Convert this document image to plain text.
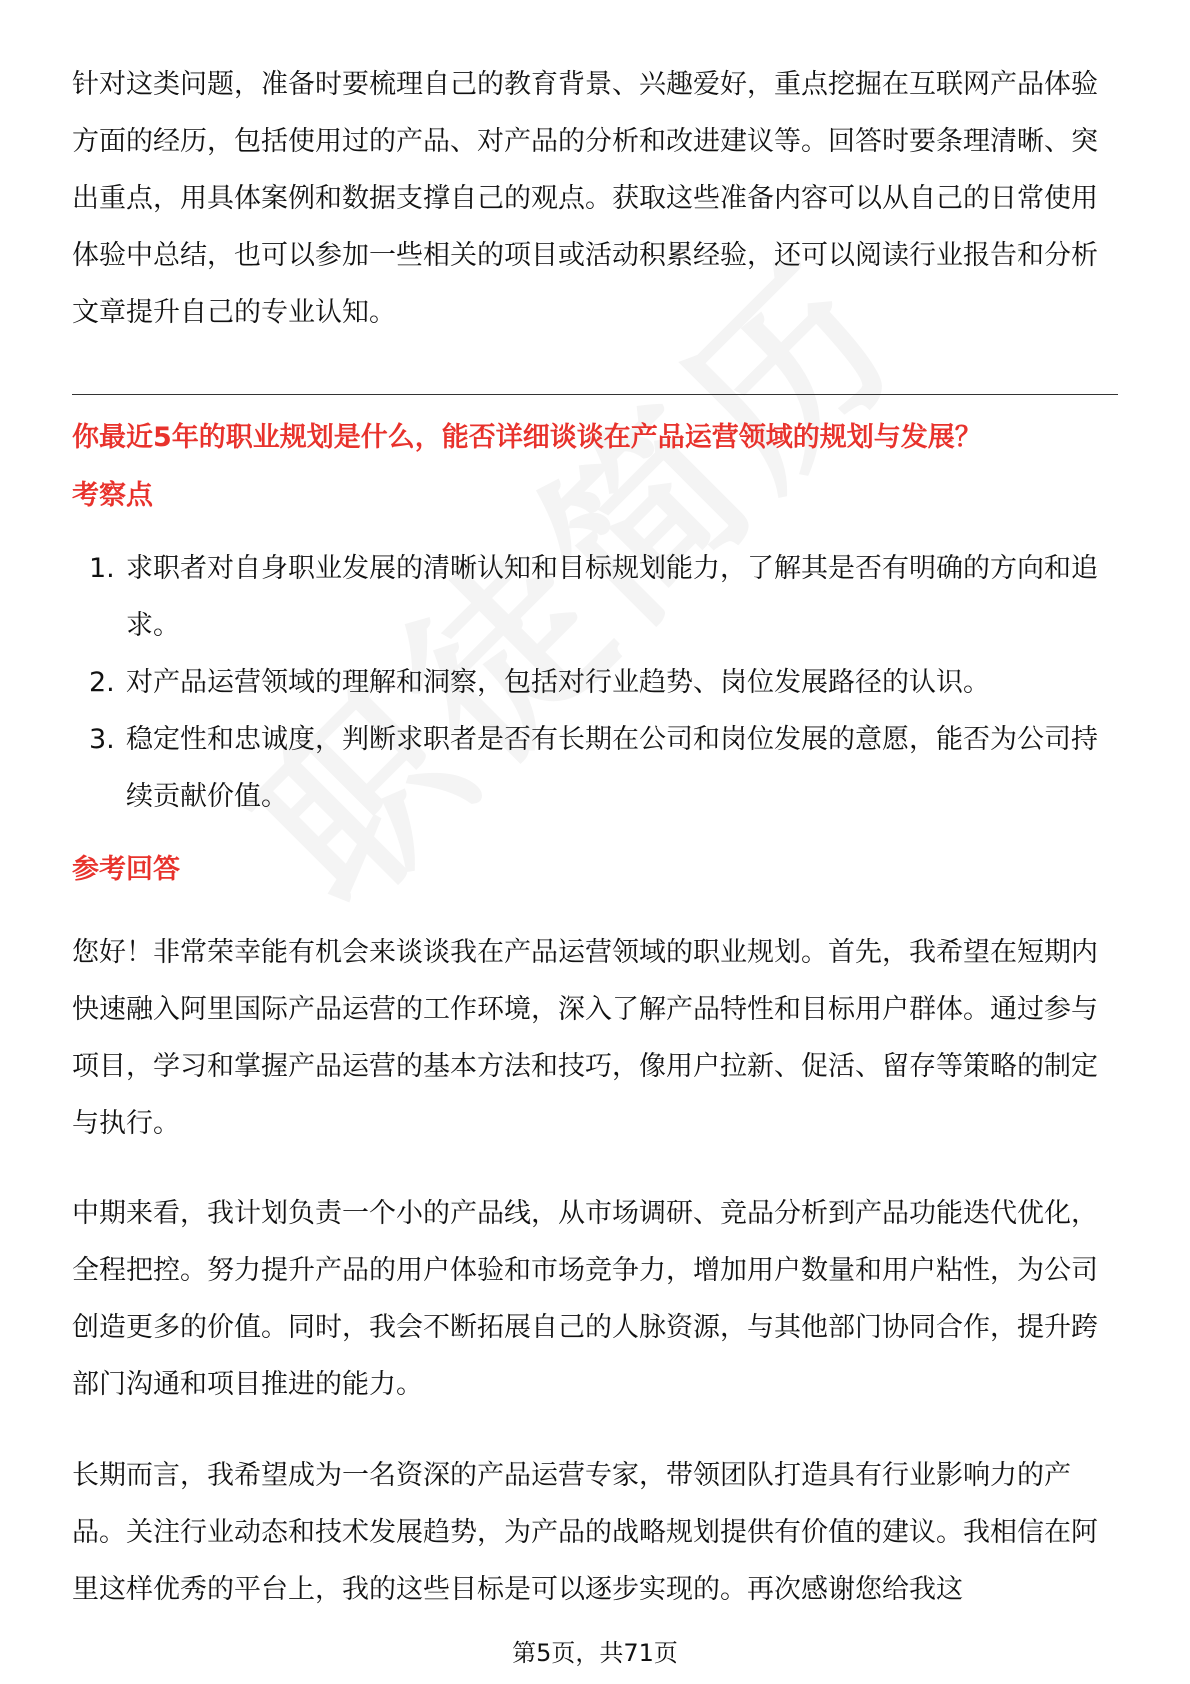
针对这类问题，准备时要梳理自己的教育背景、兴趣爱好，重点挖掘在互联网产品体验方面的经历，包括使用过的产品、对产品的分析和改进建议等。回答时要条理清晰、突出重点，用具体案例和数据支撑自己的观点。获取这些准备内容可以从自己的日常使用体验中总结，也可以参加一些相关的项目或活动积累经验，还可以阅读行业报告和分析文章提升自己的专业认知。

你最近5年的职业规划是什么，能否详细谈谈在产品运营领域的规划与发展？
考察点
1. 求职者对自身职业发展的清晰认知和目标规划能力，了解其是否有明确的方向和追求。
2. 对产品运营领域的理解和洞察，包括对行业趋势、岗位发展路径的认识。
3. 稳定性和忠诚度，判断求职者是否有长期在公司和岗位发展的意愿，能否为公司持续贡献价值。
参考回答

您好！非常荣幸能有机会来谈谈我在产品运营领域的职业规划。首先，我希望在短期内快速融入阿里国际产品运营的工作环境，深入了解产品特性和目标用户群体。通过参与项目，学习和掌握产品运营的基本方法和技巧，像用户拉新、促活、留存等策略的制定与执行。

中期来看，我计划负责一个小的产品线，从市场调研、竞品分析到产品功能迭代优化，全程把控。努力提升产品的用户体验和市场竞争力，增加用户数量和用户粘性，为公司创造更多的价值。同时，我会不断拓展自己的人脉资源，与其他部门协同合作，提升跨部门沟通和项目推进的能力。

长期而言，我希望成为一名资深的产品运营专家，带领团队打造具有行业影响力的产品。关注行业动态和技术发展趋势，为产品的战略规划提供有价值的建议。我相信在阿里这样优秀的平台上，我的这些目标是可以逐步实现的。再次感谢您给我这

第5页，共71页
